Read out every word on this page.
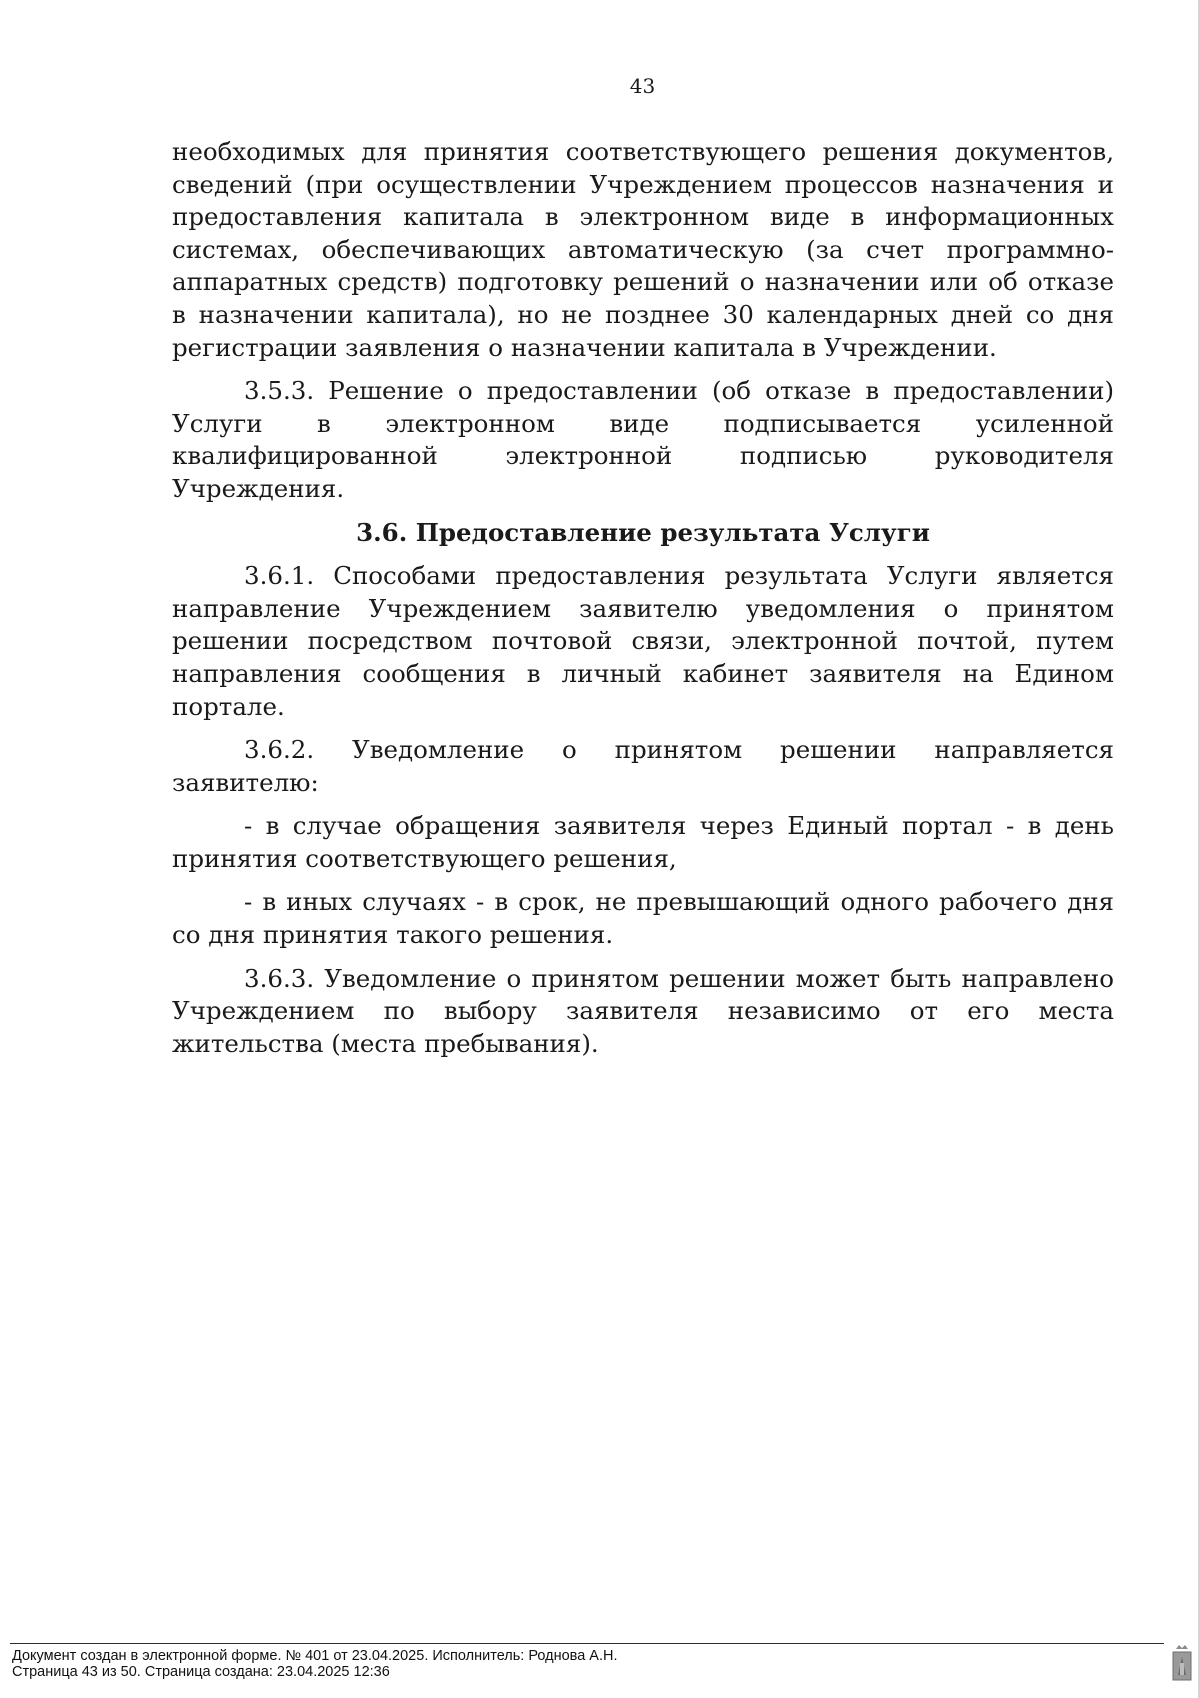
43

необходимых для принятия соответствующего решения документов, сведений (при осуществлении Учреждением процессов назначения и предоставления капитала в электронном виде в информационных системах, обеспечивающих автоматическую (за счет программно-аппаратных средств) подготовку решений о назначении или об отказе в назначении капитала), но не позднее 30 календарных дней со дня регистрации заявления о назначении капитала в Учреждении.

3.5.3. Решение о предоставлении (об отказе в предоставлении) Услуги в электронном виде подписывается усиленной квалифицированной электронной подписью руководителя Учреждения.

3.6. Предоставление результата Услуги

3.6.1. Способами предоставления результата Услуги является направление Учреждением заявителю уведомления о принятом решении посредством почтовой связи, электронной почтой, путем направления сообщения в личный кабинет заявителя на Едином портале.

3.6.2. Уведомление о принятом решении направляется заявителю:

- в случае обращения заявителя через Единый портал - в день принятия соответствующего решения,

- в иных случаях - в срок, не превышающий одного рабочего дня со дня принятия такого решения.

3.6.3. Уведомление о принятом решении может быть направлено Учреждением по выбору заявителя независимо от его места жительства (места пребывания).

Документ создан в электронной форме. № 401 от 23.04.2025. Исполнитель: Роднова А.Н.
Страница 43 из 50. Страница создана: 23.04.2025 12:36
